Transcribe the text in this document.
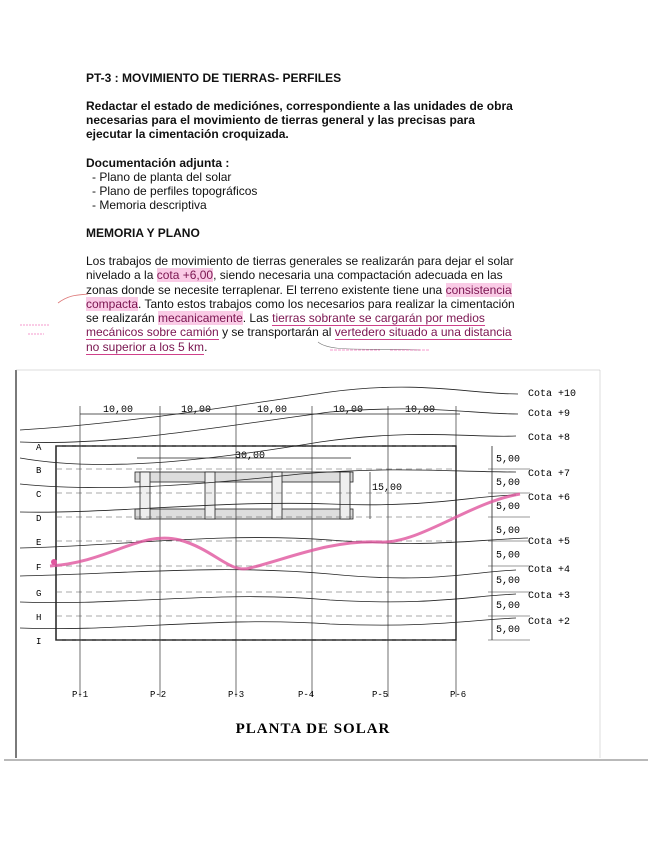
PT-3 : MOVIMIENTO DE TIERRAS- PERFILES
Redactar el estado de mediciónes, correspondiente a las unidades de obra necesarias para el movimiento de tierras general y las precisas para ejecutar la cimentación croquizada.
Documentación adjunta :
- Plano de planta del solar
- Plano de perfiles topográficos
- Memoria descriptiva
MEMORIA Y PLANO
Los trabajos de movimiento de tierras generales se realizarán para dejar el solar nivelado a la cota +6,00, siendo necesaria una compactación adecuada en las zonas donde se necesite terraplenar. El terreno existente tiene una consistencia compacta. Tanto estos trabajos como los necesarios para realizar la cimentación se realizarán mecanicamente. Las tierras sobrante se cargarán por medios mecánicos sobre camión y se transportarán al vertedero situado a una distancia no superior a los 5 km.
30,00
15,00
PLANTA DE SOLAR
A
B
C
D
E
F
G
H
I
10,00	10,00	10,00	10,00	10,00
5,00
5,00
5,00
5,00
5,00
5,00
5,00
5,00
P-1	P-2	P-3	P-4	P-5	P-6
Cota +10
Cota +9
Cota +8
Cota +7
Cota +6
Cota +5
Cota +4
Cota +3
Cota +2
